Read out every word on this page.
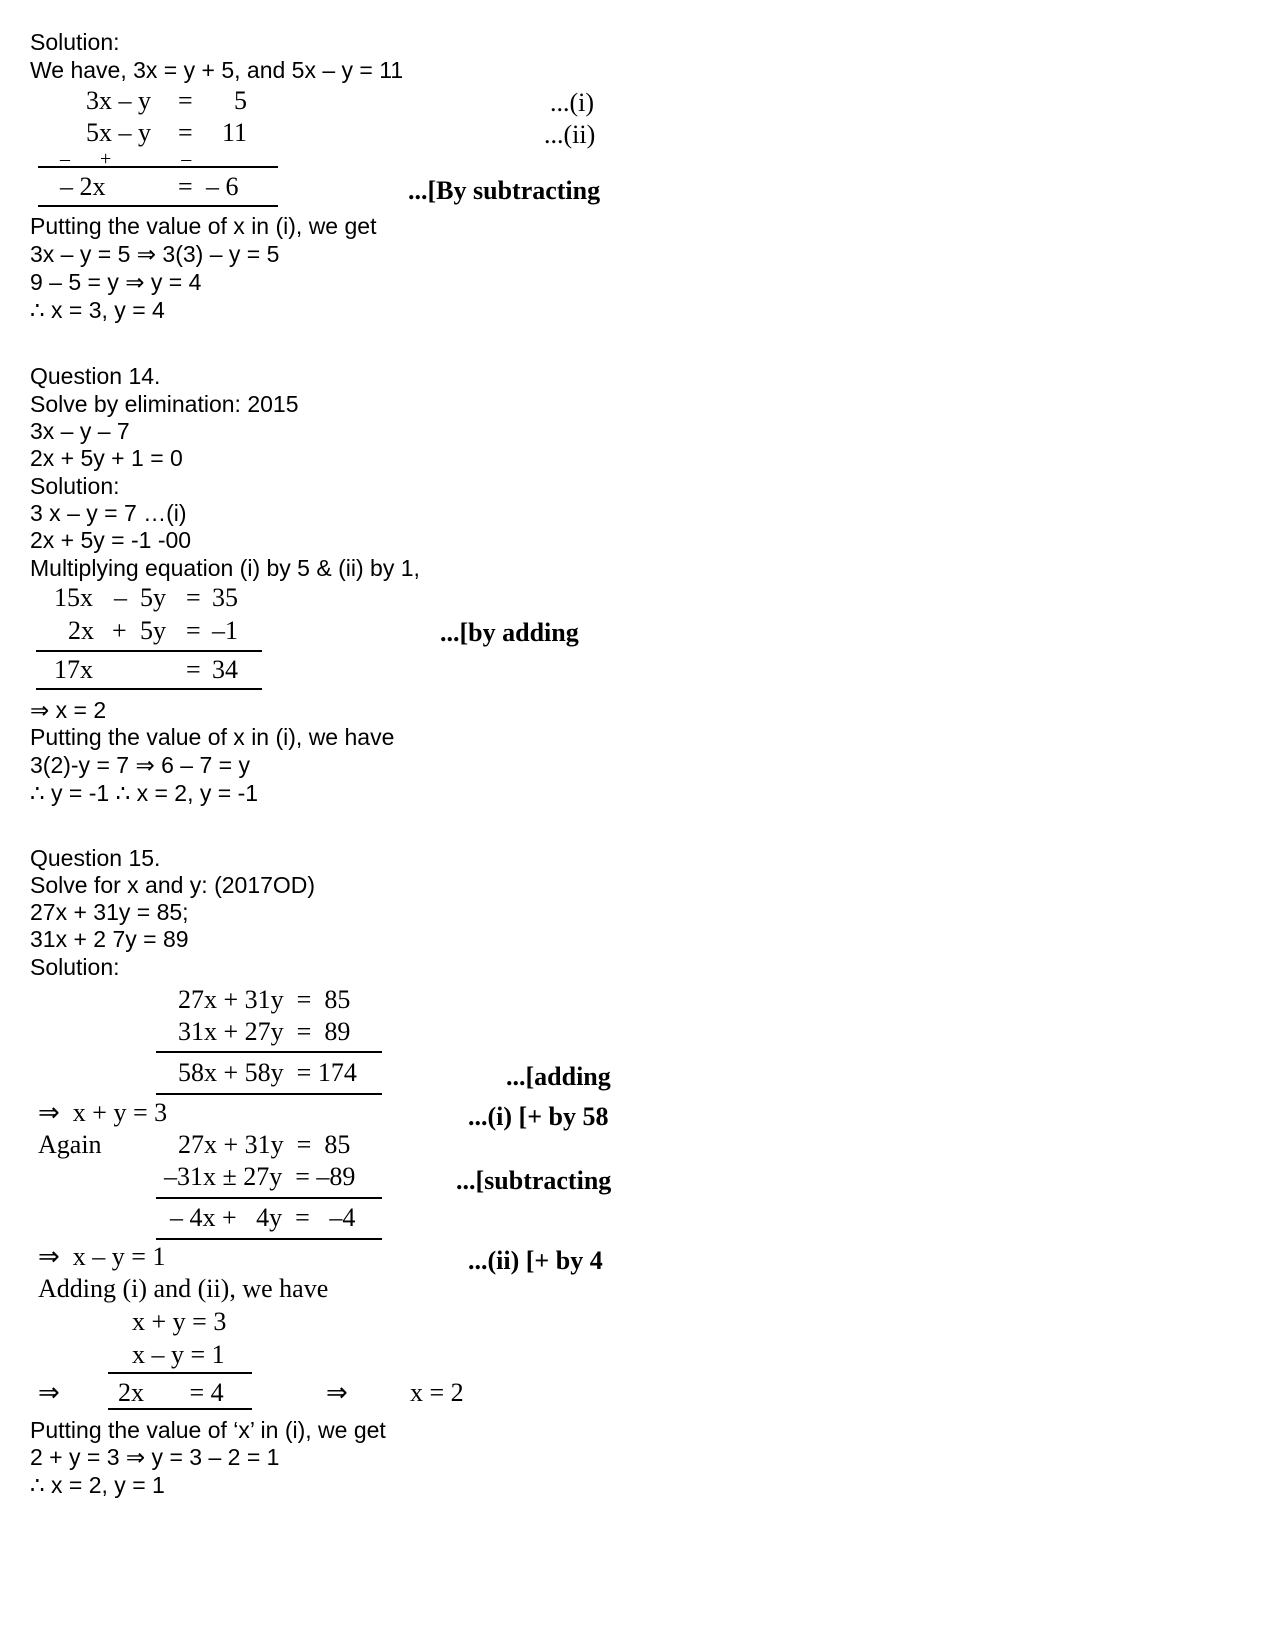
Solution:
We have, 3x = y + 5, and 5x – y = 11
3x – y = 5	...(i)
5x – y = 11	...(ii)
–      +              –
– 2x	= – 6	...[By subtracting
Putting the value of x in (i), we get
3x – y = 5 ⇒ 3(3) – y = 5
9 – 5 = y ⇒ y = 4
∴ x = 3, y = 4
Question 14.
Solve by elimination: 2015
3x – y – 7
2x + 5y + 1 = 0
Solution:
3 x – y = 7 …(i)
2x + 5y = -1 -00
Multiplying equation (i) by 5 & (ii) by 1,
15x – 5y = 35
2x + 5y = –1	...[by adding
17x	= 34
⇒ x = 2
Putting the value of x in (i), we have
3(2)-y = 7 ⇒ 6 – 7 = y
∴ y = -1 ∴ x = 2, y = -1
Question 15.
Solve for x and y: (2017OD)
27x + 31y = 85;
31x + 2 7y = 89
Solution:
27x + 31y  =  85
31x + 27y  =  89
58x + 58y  = 174	...[adding
⇒  x + y = 3	...(i) [+ by 58
Again	27x + 31y  =  85
–31x ± 27y  = –89	...[subtracting
– 4x +   4y  =   –4
⇒  x – y = 1	...(ii) [+ by 4
Adding (i) and (ii), we have
x + y = 3
x – y = 1
⇒ 2x       = 4	⇒ x = 2
Putting the value of ‘x’ in (i), we get
2 + y = 3 ⇒ y = 3 – 2 = 1
∴ x = 2, y = 1
